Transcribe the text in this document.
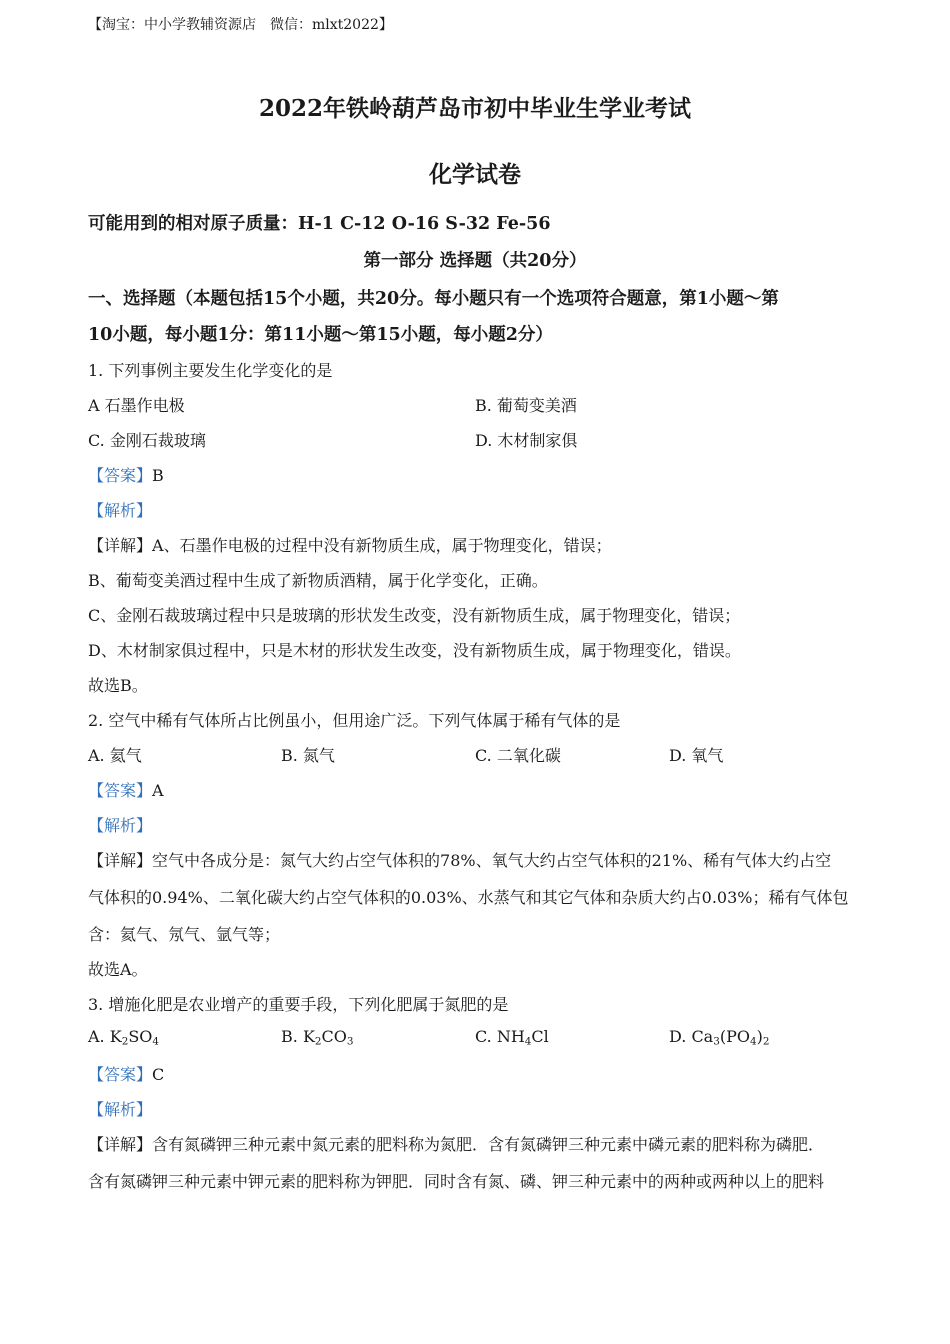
【淘宝：中小学教辅资源店　微信：mlxt2022】
2022年铁岭葫芦岛市初中毕业生学业考试
化学试卷
可能用到的相对原子质量：H-1 C-12 O-16 S-32 Fe-56
第一部分 选择题（共20分）
一、选择题（本题包括15个小题，共20分。每小题只有一个选项符合题意，第1小题～第
10小题，每小题1分：第11小题～第15小题，每小题2分）
1. 下列事例主要发生化学变化的是
A 石墨作电极	B. 葡萄变美酒
C. 金刚石裁玻璃	D. 木材制家俱
【答案】B
【解析】
【详解】A、石墨作电极的过程中没有新物质生成，属于物理变化，错误；
B、葡萄变美酒过程中生成了新物质酒精，属于化学变化，正确。
C、金刚石裁玻璃过程中只是玻璃的形状发生改变，没有新物质生成，属于物理变化，错误；
D、木材制家俱过程中，只是木材的形状发生改变，没有新物质生成，属于物理变化，错误。
故选B。
2. 空气中稀有气体所占比例虽小，但用途广泛。下列气体属于稀有气体的是
A. 氦气	B. 氮气	C. 二氧化碳	D. 氧气
【答案】A
【解析】
【详解】空气中各成分是：氮气大约占空气体积的78%、氧气大约占空气体积的21%、稀有气体大约占空
气体积的0.94%、二氧化碳大约占空气体积的0.03%、水蒸气和其它气体和杂质大约占0.03%；稀有气体包
含：氦气、氖气、氩气等；
故选A。
3. 增施化肥是农业增产的重要手段，下列化肥属于氮肥的是
A. $K_2SO_4$	B. $K_2CO_3$	C. $NH_4Cl$	D. $Ca_3(PO_4)_2$
【答案】C
【解析】
【详解】含有氮磷钾三种元素中氮元素的肥料称为氮肥．含有氮磷钾三种元素中磷元素的肥料称为磷肥．
含有氮磷钾三种元素中钾元素的肥料称为钾肥．同时含有氮、磷、钾三种元素中的两种或两种以上的肥料
